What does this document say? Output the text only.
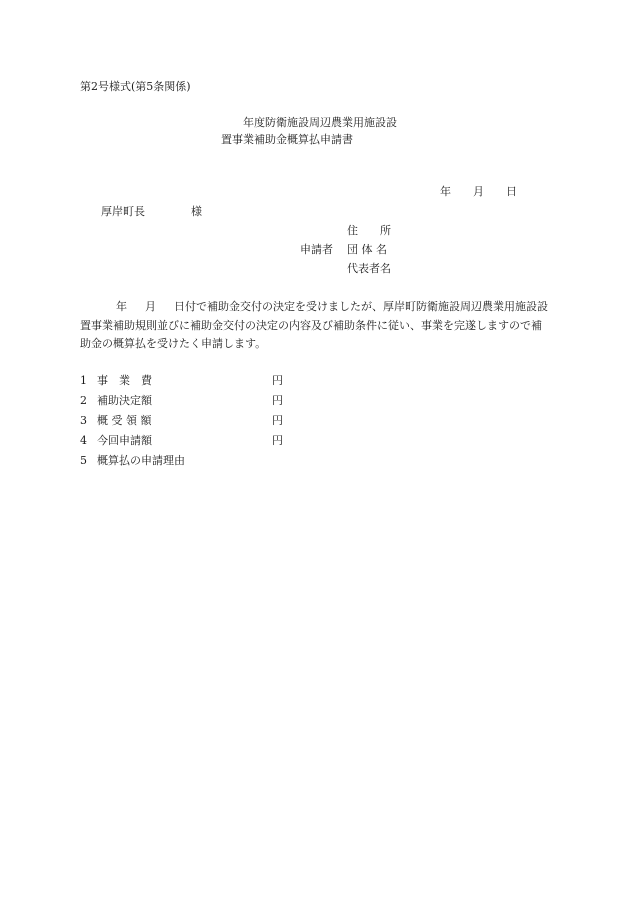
第2号様式(第5条関係)
年度防衛施設周辺農業用施設設
置事業補助金概算払申請書
年 月 日
厚岸町長	様
住　　所
申請者	団 体 名
代表者名
年 月 日付で補助金交付の決定を受けましたが、厚岸町防衛施設周辺農業用施設設置事業補助規則並びに補助金交付の決定の内容及び補助条件に従い、事業を完遂しますので補助金の概算払を受けたく申請します。
1 事　業　費	円
2 補助決定額	円
3 概 受 領 額	円
4 今回申請額	円
5 概算払の申請理由
